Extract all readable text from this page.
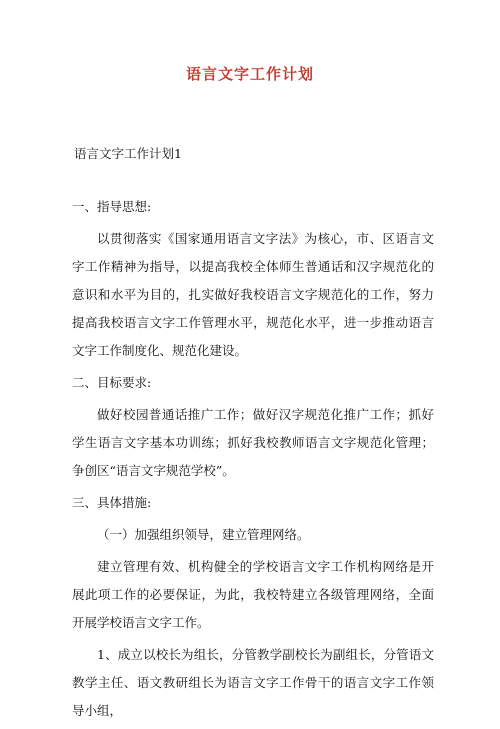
语言文字工作计划

语言文字工作计划1

一、指导思想:

以贯彻落实《国家通用语言文字法》为核心，市、区语言文字工作精神为指导，以提高我校全体师生普通话和汉字规范化的意识和水平为目的，扎实做好我校语言文字规范化的工作，努力提高我校语言文字工作管理水平，规范化水平，进一步推动语言文字工作制度化、规范化建设。

二、目标要求:

做好校园普通话推广工作；做好汉字规范化推广工作；抓好学生语言文字基本功训练；抓好我校教师语言文字规范化管理；争创区“语言文字规范学校”。

三、具体措施:

（一）加强组织领导，建立管理网络。

建立管理有效、机构健全的学校语言文字工作机构网络是开展此项工作的必要保证，为此，我校特建立各级管理网络，全面开展学校语言文字工作。

1、成立以校长为组长，分管教学副校长为副组长，分管语文教学主任、语文教研组长为语言文字工作骨干的语言文字工作领导小组，
